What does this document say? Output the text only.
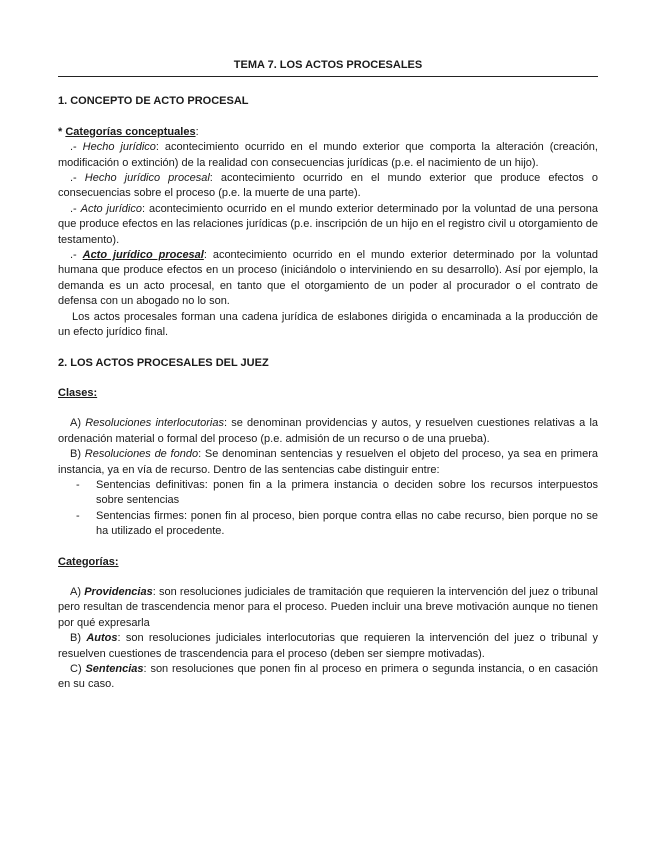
TEMA 7. LOS ACTOS PROCESALES

1. CONCEPTO DE ACTO PROCESAL

* Categorías conceptuales:

.- Hecho jurídico: acontecimiento ocurrido en el mundo exterior que comporta la alteración (creación, modificación o extinción) de la realidad con consecuencias jurídicas (p.e. el nacimiento de un hijo).

.- Hecho jurídico procesal: acontecimiento ocurrido en el mundo exterior que produce efectos o consecuencias sobre el proceso (p.e. la muerte de una parte).

.- Acto jurídico: acontecimiento ocurrido en el mundo exterior determinado por la voluntad de una persona que produce efectos en las relaciones jurídicas (p.e. inscripción de un hijo en el registro civil u otorgamiento de testamento).

.- Acto jurídico procesal: acontecimiento ocurrido en el mundo exterior determinado por la voluntad humana que produce efectos en un proceso (iniciándolo o interviniendo en su desarrollo). Así por ejemplo, la demanda es un acto procesal, en tanto que el otorgamiento de un poder al procurador o el contrato de defensa con un abogado no lo son.

Los actos procesales forman una cadena jurídica de eslabones dirigida o encaminada a la producción de un efecto jurídico final.

2. LOS ACTOS PROCESALES DEL JUEZ

Clases:

A) Resoluciones interlocutorias: se denominan providencias y autos, y resuelven cuestiones relativas a la ordenación material o formal del proceso (p.e. admisión de un recurso o de una prueba).

B) Resoluciones de fondo: Se denominan sentencias y resuelven el objeto del proceso, ya sea en primera instancia, ya en vía de recurso. Dentro de las sentencias cabe distinguir entre:

- Sentencias definitivas: ponen fin a la primera instancia o deciden sobre los recursos interpuestos sobre sentencias
- Sentencias firmes: ponen fin al proceso, bien porque contra ellas no cabe recurso, bien porque no se ha utilizado el procedente.

Categorías:

A) Providencias: son resoluciones judiciales de tramitación que requieren la intervención del juez o tribunal pero resultan de trascendencia menor para el proceso. Pueden incluir una breve motivación aunque no tienen por qué expresarla

B) Autos: son resoluciones judiciales interlocutorias que requieren la intervención del juez o tribunal y resuelven cuestiones de trascendencia para el proceso (deben ser siempre motivadas).

C) Sentencias: son resoluciones que ponen fin al proceso en primera o segunda instancia, o en casación en su caso.
